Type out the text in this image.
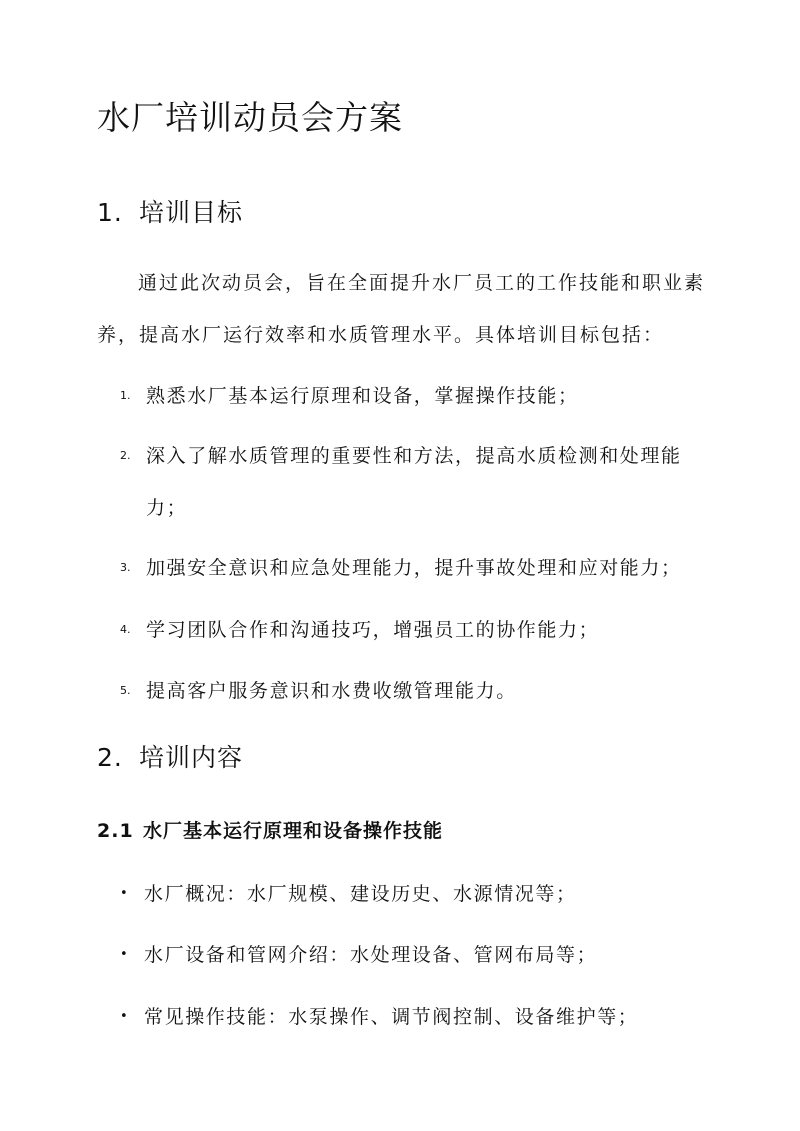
水厂培训动员会方案
1. 培训目标
通过此次动员会，旨在全面提升水厂员工的工作技能和职业素
养，提高水厂运行效率和水质管理水平。具体培训目标包括：
1. 熟悉水厂基本运行原理和设备，掌握操作技能；
2. 深入了解水质管理的重要性和方法，提高水质检测和处理能
力；
3. 加强安全意识和应急处理能力，提升事故处理和应对能力；
4. 学习团队合作和沟通技巧，增强员工的协作能力；
5. 提高客户服务意识和水费收缴管理能力。
2. 培训内容
2.1 水厂基本运行原理和设备操作技能
• 水厂概况：水厂规模、建设历史、水源情况等；
• 水厂设备和管网介绍：水处理设备、管网布局等；
• 常见操作技能：水泵操作、调节阀控制、设备维护等；
